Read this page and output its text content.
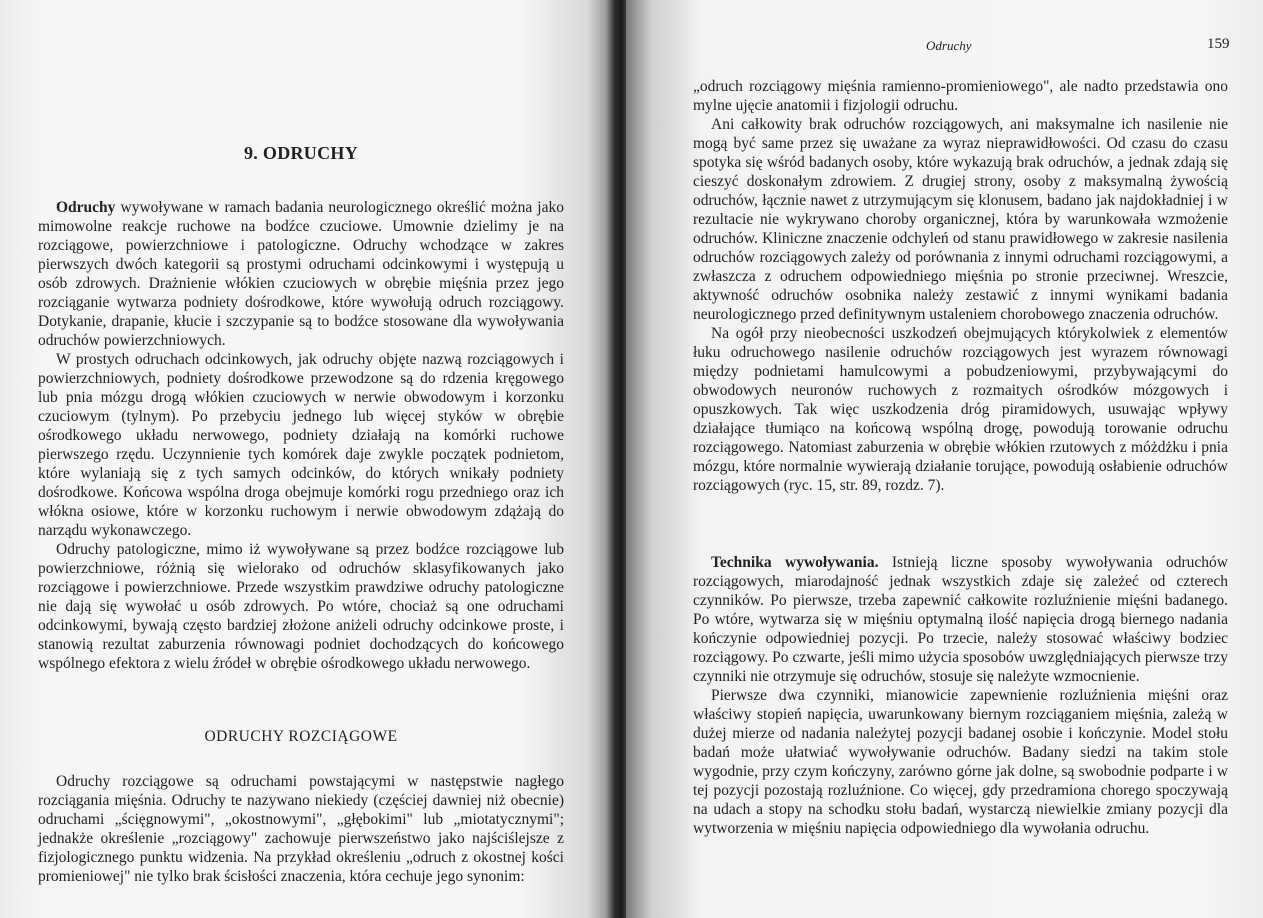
9. ODRUCHY

Odruchy wywoływane w ramach badania neurologicznego określić można jako mimowolne reakcje ruchowe na bodźce czuciowe. Umownie dzielimy je na rozciągowe, powierzchniowe i patologiczne. Odruchy wchodzące w zakres pierwszych dwóch kategorii są prostymi odruchami odcinkowymi i występują u osób zdrowych. Drażnienie włókien czuciowych w obrębie mięśnia przez jego rozciąganie wytwarza podniety dośrodkowe, które wywołują odruch rozciągowy. Dotykanie, drapanie, kłucie i szczypanie są to bodźce stosowane dla wywoływania odruchów powierzchniowych.

W prostych odruchach odcinkowych, jak odruchy objęte nazwą rozciągowych i powierzchniowych, podniety dośrodkowe przewodzone są do rdzenia kręgowego lub pnia mózgu drogą włókien czuciowych w nerwie obwodowym i korzonku czuciowym (tylnym). Po przebyciu jednego lub więcej styków w obrębie ośrodkowego układu nerwowego, podniety działają na komórki ruchowe pierwszego rzędu. Uczynnienie tych komórek daje zwykle początek podnietom, które wylaniają się z tych samych odcinków, do których wnikały podniety dośrodkowe. Końcowa wspólna droga obejmuje komórki rogu przedniego oraz ich włókna osiowe, które w korzonku ruchowym i nerwie obwodowym zdążają do narządu wykonawczego.

Odruchy patologiczne, mimo iż wywoływane są przez bodźce rozciągowe lub powierzchniowe, różnią się wielorako od odruchów sklasyfikowanych jako rozciągowe i powierzchniowe. Przede wszystkim prawdziwe odruchy patologiczne nie dają się wywołać u osób zdrowych. Po wtóre, chociaż są one odruchami odcinkowymi, bywają często bardziej złożone aniżeli odruchy odcinkowe proste, i stanowią rezultat zaburzenia równowagi podniet dochodzących do końcowego wspólnego efektora z wielu źródeł w obrębie ośrodkowego układu nerwowego.

ODRUCHY ROZCIĄGOWE

Odruchy rozciągowe są odruchami powstającymi w następstwie nagłego rozciągania mięśnia. Odruchy te nazywano niekiedy (częściej dawniej niż obecnie) odruchami „ścięgnowymi", „okostnowymi", „głębokimi" lub „miotatycznymi"; jednakże określenie „rozciągowy" zachowuje pierwszeństwo jako najściślejsze z fizjologicznego punktu widzenia. Na przykład określeniu „odruch z okostnej kości promieniowej" nie tylko brak ścisłości znaczenia, która cechuje jego synonim:

Odruchy	159

„odruch rozciągowy mięśnia ramienno-promieniowego", ale nadto przedstawia ono mylne ujęcie anatomii i fizjologii odruchu.

Ani całkowity brak odruchów rozciągowych, ani maksymalne ich nasilenie nie mogą być same przez się uważane za wyraz nieprawidłowości. Od czasu do czasu spotyka się wśród badanych osoby, które wykazują brak odruchów, a jednak zdają się cieszyć doskonałym zdrowiem. Z drugiej strony, osoby z maksymalną żywością odruchów, łącznie nawet z utrzymującym się klonusem, badano jak najdokładniej i w rezultacie nie wykrywano choroby organicznej, która by warunkowała wzmożenie odruchów. Kliniczne znaczenie odchyleń od stanu prawidłowego w zakresie nasilenia odruchów rozciągowych zależy od porównania z innymi odruchami rozciągowymi, a zwłaszcza z odruchem odpowiedniego mięśnia po stronie przeciwnej. Wreszcie, aktywność odruchów osobnika należy zestawić z innymi wynikami badania neurologicznego przed definitywnym ustaleniem chorobowego znaczenia odruchów.

Na ogół przy nieobecności uszkodzeń obejmujących którykolwiek z elementów łuku odruchowego nasilenie odruchów rozciągowych jest wyrazem równowagi między podnietami hamulcowymi a pobudzeniowymi, przybywającymi do obwodowych neuronów ruchowych z rozmaitych ośrodków mózgowych i opuszkowych. Tak więc uszkodzenia dróg piramidowych, usuwając wpływy działające tłumiąco na końcową wspólną drogę, powodują torowanie odruchu rozciągowego. Natomiast zaburzenia w obrębie włókien rzutowych z móżdżku i pnia mózgu, które normalnie wywierają działanie torujące, powodują osłabienie odruchów rozciągowych (ryc. 15, str. 89, rozdz. 7).

Technika wywoływania. Istnieją liczne sposoby wywoływania odruchów rozciągowych, miarodajność jednak wszystkich zdaje się zależeć od czterech czynników. Po pierwsze, trzeba zapewnić całkowite rozluźnienie mięśni badanego. Po wtóre, wytwarza się w mięśniu optymalną ilość napięcia drogą biernego nadania kończynie odpowiedniej pozycji. Po trzecie, należy stosować właściwy bodziec rozciągowy. Po czwarte, jeśli mimo użycia sposobów uwzględniających pierwsze trzy czynniki nie otrzymuje się odruchów, stosuje się należyte wzmocnienie.

Pierwsze dwa czynniki, mianowicie zapewnienie rozluźnienia mięśni oraz właściwy stopień napięcia, uwarunkowany biernym rozciąganiem mięśnia, zależą w dużej mierze od nadania należytej pozycji badanej osobie i kończynie. Model stołu badań może ułatwiać wywoływanie odruchów. Badany siedzi na takim stole wygodnie, przy czym kończyny, zarówno górne jak dolne, są swobodnie podparte i w tej pozycji pozostają rozluźnione. Co więcej, gdy przedramiona chorego spoczywają na udach a stopy na schodku stołu badań, wystarczą niewielkie zmiany pozycji dla wytworzenia w mięśniu napięcia odpowiedniego dla wywołania odruchu.
